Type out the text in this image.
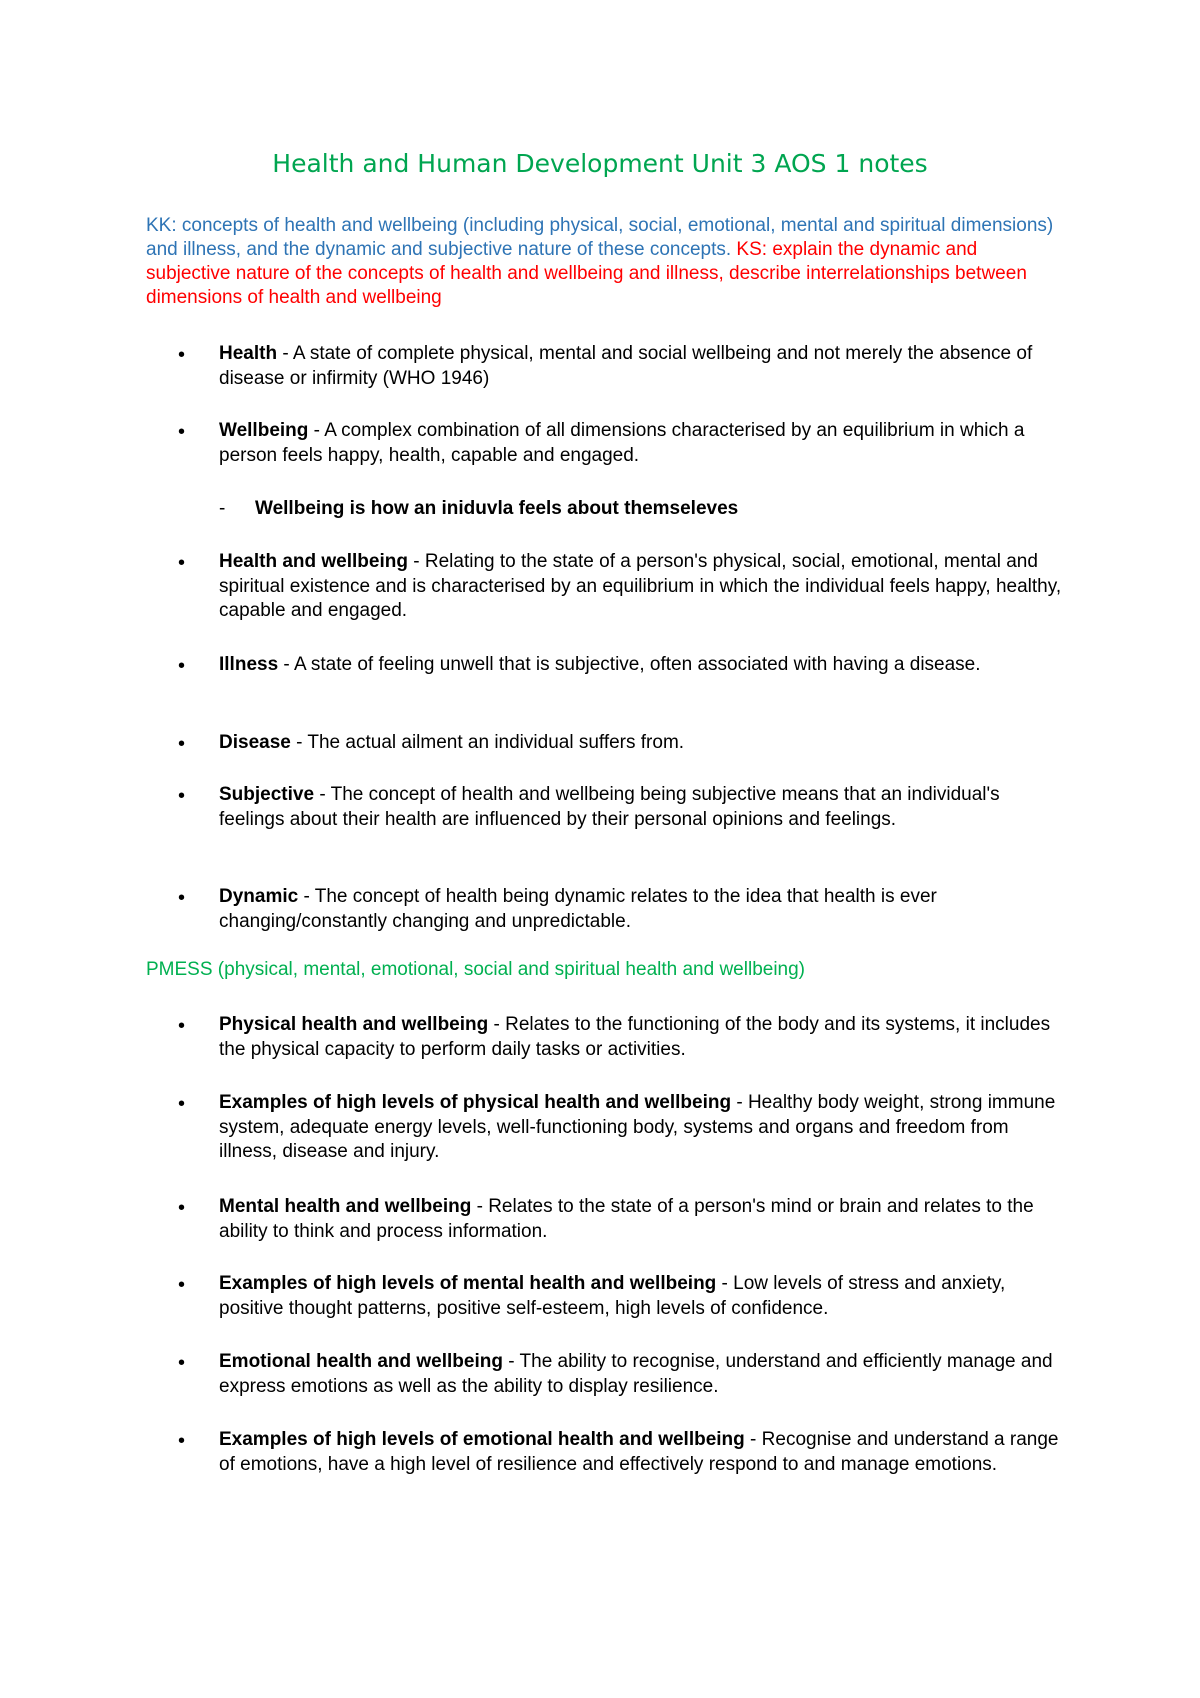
Health and Human Development Unit 3 AOS 1 notes
KK: concepts of health and wellbeing (including physical, social, emotional, mental and spiritual dimensions) and illness, and the dynamic and subjective nature of these concepts. KS: explain the dynamic and subjective nature of the concepts of health and wellbeing and illness, describe interrelationships between dimensions of health and wellbeing
• Health - A state of complete physical, mental and social wellbeing and not merely the absence of disease or infirmity (WHO 1946)
• Wellbeing - A complex combination of all dimensions characterised by an equilibrium in which a person feels happy, health, capable and engaged.
- Wellbeing is how an iniduvla feels about themseleves
• Health and wellbeing - Relating to the state of a person's physical, social, emotional, mental and spiritual existence and is characterised by an equilibrium in which the individual feels happy, healthy, capable and engaged.
• Illness - A state of feeling unwell that is subjective, often associated with having a disease.
• Disease - The actual ailment an individual suffers from.
• Subjective - The concept of health and wellbeing being subjective means that an individual's feelings about their health are influenced by their personal opinions and feelings.
• Dynamic - The concept of health being dynamic relates to the idea that health is ever changing/constantly changing and unpredictable.
PMESS (physical, mental, emotional, social and spiritual health and wellbeing)
• Physical health and wellbeing - Relates to the functioning of the body and its systems, it includes the physical capacity to perform daily tasks or activities.
• Examples of high levels of physical health and wellbeing - Healthy body weight, strong immune system, adequate energy levels, well-functioning body, systems and organs and freedom from illness, disease and injury.
• Mental health and wellbeing - Relates to the state of a person's mind or brain and relates to the ability to think and process information.
• Examples of high levels of mental health and wellbeing - Low levels of stress and anxiety, positive thought patterns, positive self-esteem, high levels of confidence.
• Emotional health and wellbeing - The ability to recognise, understand and efficiently manage and express emotions as well as the ability to display resilience.
• Examples of high levels of emotional health and wellbeing - Recognise and understand a range of emotions, have a high level of resilience and effectively respond to and manage emotions.
